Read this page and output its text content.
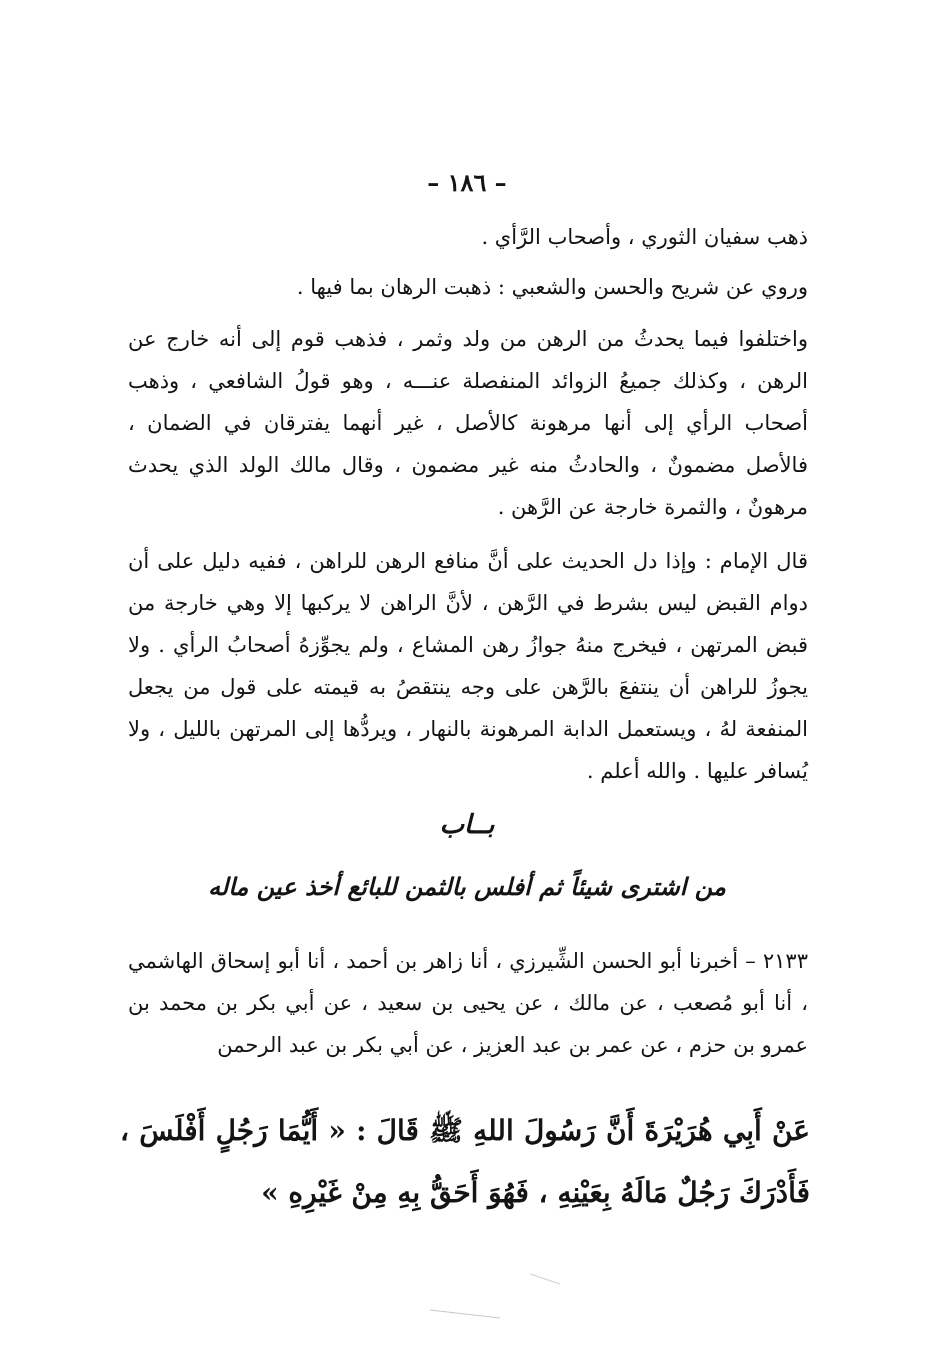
– ١٨٦ –
ذهب سفيان الثوري ، وأصحاب الرَّأي .
وروي عن شريح والحسن والشعبي : ذهبت الرهان بما فيها .
واختلفوا فيما يحدثُ من الرهن من ولد وثمر ، فذهب قوم إلى أنه خارج عن الرهن ، وكذلك جميعُ الزوائد المنفصلة عنـــه ، وهو قولُ الشافعي ، وذهب أصحاب الرأي إلى أنها مرهونة كالأصل ، غير أنهما يفترقان في الضمان ، فالأصل مضمونٌ ، والحادثُ منه غير مضمون ، وقال مالك الولد الذي يحدث مرهونٌ ، والثمرة خارجة عن الرَّهن .
قال الإمام : وإذا دل الحديث على أنَّ منافع الرهن للراهن ، ففيه دليل على أن دوام القبض ليس بشرط في الرَّهن ، لأنَّ الراهن لا يركبها إلا وهي خارجة من قبض المرتهن ، فيخرج منهُ جوازُ رهن المشاع ، ولم يجوِّزهُ أصحابُ الرأي . ولا يجوزُ للراهن أن ينتفعَ بالرَّهن على وجه ينتقصُ به قيمته على قول من يجعل المنفعة لهُ ، ويستعمل الدابة المرهونة بالنهار ، ويردُّها إلى المرتهن بالليل ، ولا يُسافر عليها . والله أعلم .
بــاب
من اشترى شيئاً ثم أفلس بالثمن للبائع أخذ عين ماله
٢١٣٣ – أخبرنا أبو الحسن الشِّيرزي ، أنا زاهر بن أحمد ، أنا أبو إسحاق الهاشمي ، أنا أبو مُصعب ، عن مالك ، عن يحيى بن سعيد ، عن أبي بكر بن محمد بن عمرو بن حزم ، عن عمر بن عبد العزيز ، عن أبي بكر بن عبد الرحمن
عَنْ أَبِي هُرَيْرَةَ أَنَّ رَسُولَ اللهِ ﷺ قَالَ : « أَيُّمَا رَجُلٍ أَفْلَسَ ، فَأَدْرَكَ رَجُلٌ مَالَهُ بِعَيْنِهِ ، فَهُوَ أَحَقُّ بِهِ مِنْ غَيْرِهِ »
